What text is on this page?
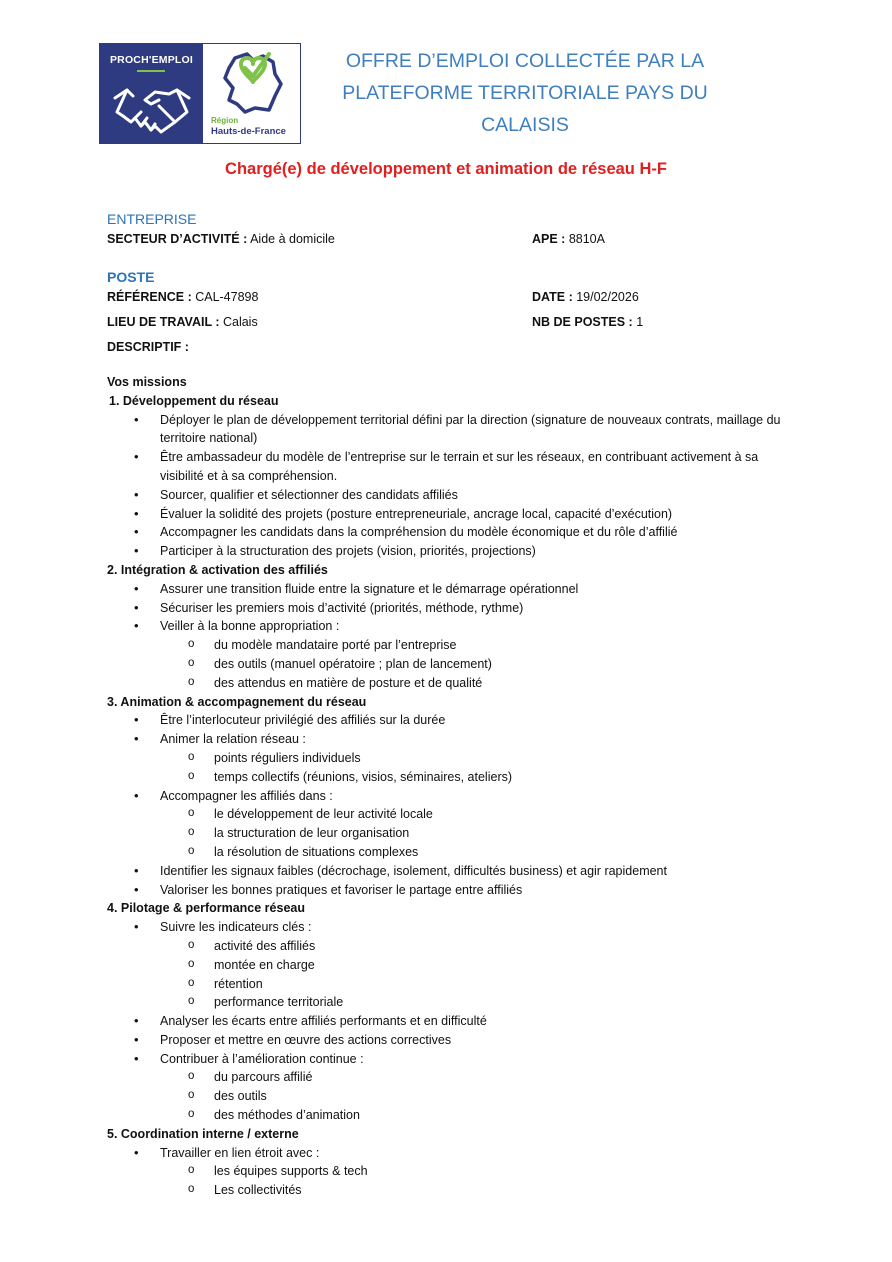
PROCH'EMPLOI
Région
Hauts-de-France
OFFRE D’EMPLOI COLLECTÉE PAR LA
PLATEFORME TERRITORIALE PAYS DU CALAISIS
Chargé(e) de développement et animation de réseau H-F
ENTREPRISE
SECTEUR D’ACTIVITÉ : Aide à domicile	APE : 8810A
POSTE
RÉFÉRENCE : CAL-47898	DATE : 19/02/2026
LIEU DE TRAVAIL : Calais	NB DE POSTES : 1
DESCRIPTIF :
Vos missions
1. Développement du réseau
• Déployer le plan de développement territorial défini par la direction (signature de nouveaux contrats, maillage du territoire national)
• Être ambassadeur du modèle de l’entreprise sur le terrain et sur les réseaux, en contribuant activement à sa visibilité et à sa compréhension.
• Sourcer, qualifier et sélectionner des candidats affiliés
• Évaluer la solidité des projets (posture entrepreneuriale, ancrage local, capacité d’exécution)
• Accompagner les candidats dans la compréhension du modèle économique et du rôle d’affilié
• Participer à la structuration des projets (vision, priorités, projections)
2. Intégration & activation des affiliés
• Assurer une transition fluide entre la signature et le démarrage opérationnel
• Sécuriser les premiers mois d’activité (priorités, méthode, rythme)
• Veiller à la bonne appropriation :
o du modèle mandataire porté par l’entreprise
o des outils (manuel opératoire ; plan de lancement)
o des attendus en matière de posture et de qualité
3. Animation & accompagnement du réseau
• Être l’interlocuteur privilégié des affiliés sur la durée
• Animer la relation réseau :
o points réguliers individuels
o temps collectifs (réunions, visios, séminaires, ateliers)
• Accompagner les affiliés dans :
o le développement de leur activité locale
o la structuration de leur organisation
o la résolution de situations complexes
• Identifier les signaux faibles (décrochage, isolement, difficultés business) et agir rapidement
• Valoriser les bonnes pratiques et favoriser le partage entre affiliés
4. Pilotage & performance réseau
• Suivre les indicateurs clés :
o activité des affiliés
o montée en charge
o rétention
o performance territoriale
• Analyser les écarts entre affiliés performants et en difficulté
• Proposer et mettre en œuvre des actions correctives
• Contribuer à l’amélioration continue :
o du parcours affilié
o des outils
o des méthodes d’animation
5. Coordination interne / externe
• Travailler en lien étroit avec :
o les équipes supports & tech
o Les collectivités
